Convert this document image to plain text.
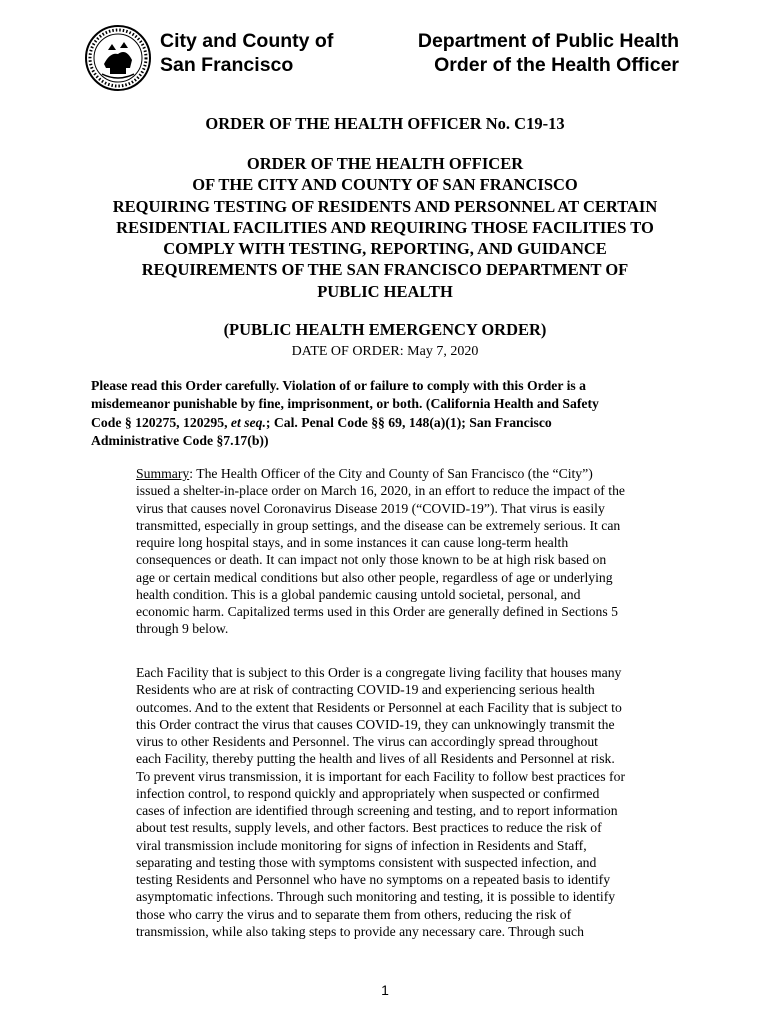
City and County of
San Francisco
Department of Public Health
Order of the Health Officer
ORDER OF THE HEALTH OFFICER No. C19-13
ORDER OF THE HEALTH OFFICER
OF THE CITY AND COUNTY OF SAN FRANCISCO
REQUIRING TESTING OF RESIDENTS AND PERSONNEL AT CERTAIN
RESIDENTIAL FACILITIES AND REQUIRING THOSE FACILITIES TO
COMPLY WITH TESTING, REPORTING, AND GUIDANCE
REQUIREMENTS OF THE SAN FRANCISCO DEPARTMENT OF
PUBLIC HEALTH
(PUBLIC HEALTH EMERGENCY ORDER)
DATE OF ORDER: May 7, 2020
Please read this Order carefully. Violation of or failure to comply with this Order is a
misdemeanor punishable by fine, imprisonment, or both. (California Health and Safety
Code § 120275, 120295, et seq.; Cal. Penal Code §§ 69, 148(a)(1); San Francisco
Administrative Code §7.17(b))
Summary: The Health Officer of the City and County of San Francisco (the “City”)
issued a shelter-in-place order on March 16, 2020, in an effort to reduce the impact of the
virus that causes novel Coronavirus Disease 2019 (“COVID-19”). That virus is easily
transmitted, especially in group settings, and the disease can be extremely serious. It can
require long hospital stays, and in some instances it can cause long-term health
consequences or death. It can impact not only those known to be at high risk based on
age or certain medical conditions but also other people, regardless of age or underlying
health condition. This is a global pandemic causing untold societal, personal, and
economic harm. Capitalized terms used in this Order are generally defined in Sections 5
through 9 below.
Each Facility that is subject to this Order is a congregate living facility that houses many
Residents who are at risk of contracting COVID-19 and experiencing serious health
outcomes. And to the extent that Residents or Personnel at each Facility that is subject to
this Order contract the virus that causes COVID-19, they can unknowingly transmit the
virus to other Residents and Personnel. The virus can accordingly spread throughout
each Facility, thereby putting the health and lives of all Residents and Personnel at risk.
To prevent virus transmission, it is important for each Facility to follow best practices for
infection control, to respond quickly and appropriately when suspected or confirmed
cases of infection are identified through screening and testing, and to report information
about test results, supply levels, and other factors. Best practices to reduce the risk of
viral transmission include monitoring for signs of infection in Residents and Staff,
separating and testing those with symptoms consistent with suspected infection, and
testing Residents and Personnel who have no symptoms on a repeated basis to identify
asymptomatic infections. Through such monitoring and testing, it is possible to identify
those who carry the virus and to separate them from others, reducing the risk of
transmission, while also taking steps to provide any necessary care. Through such
1
